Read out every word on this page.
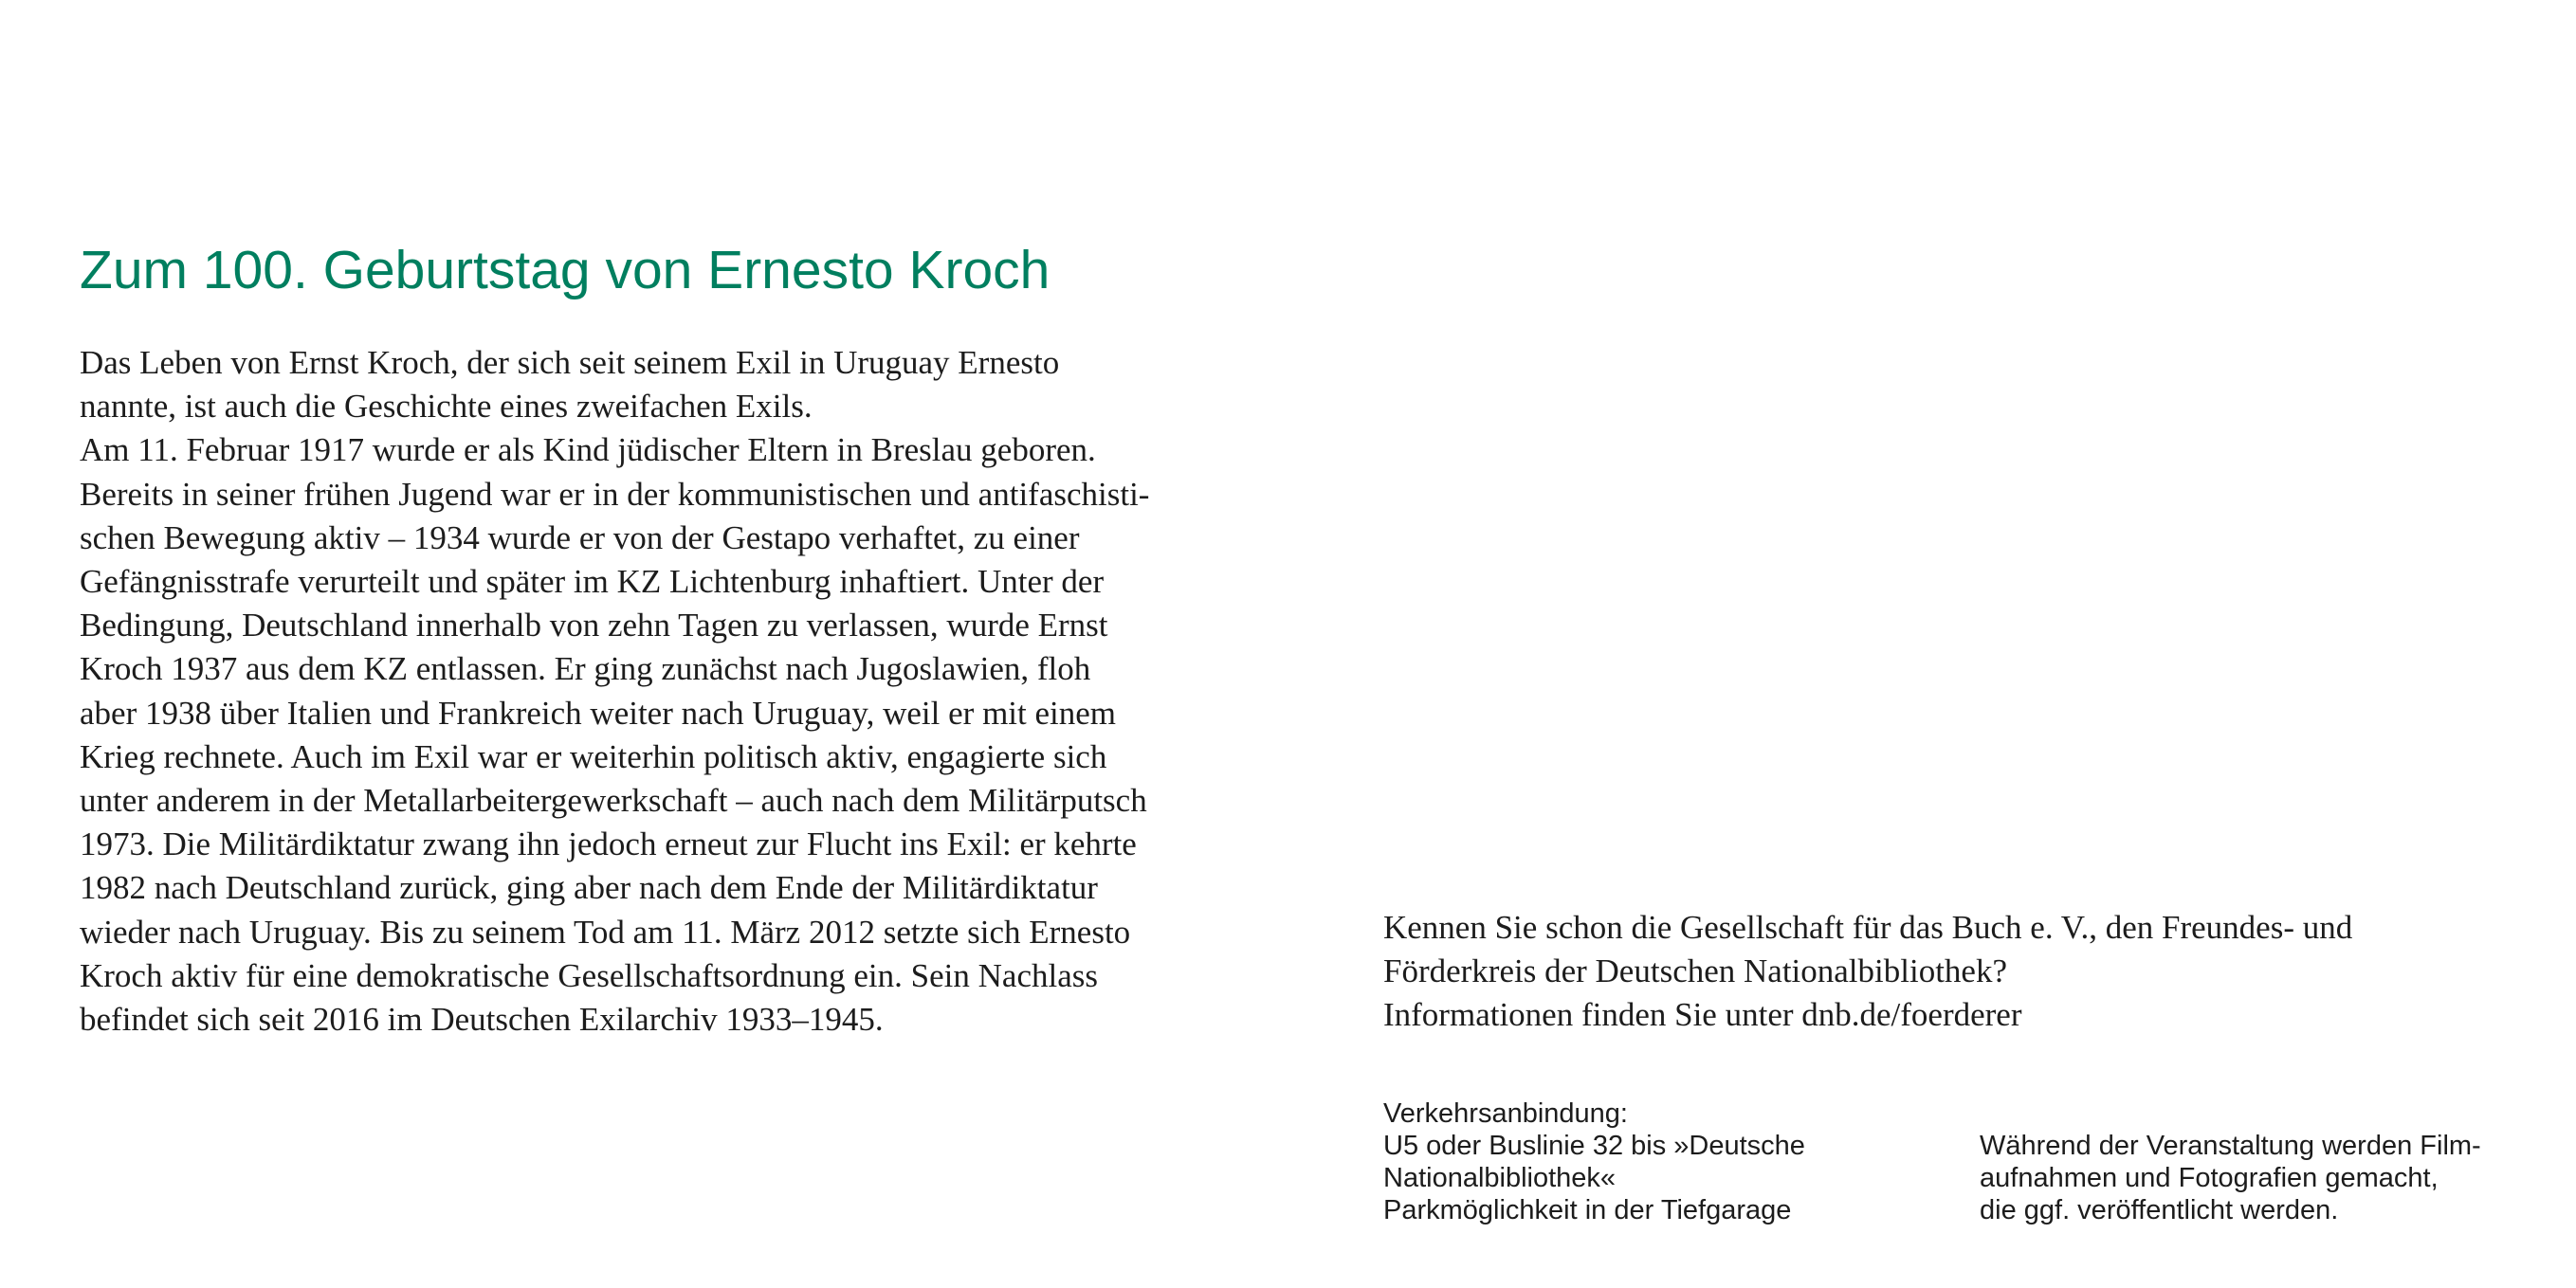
Zum 100. Geburtstag von Ernesto Kroch
Das Leben von Ernst Kroch, der sich seit seinem Exil in Uruguay Ernesto
nannte, ist auch die Geschichte eines zweifachen Exils.
Am 11. Februar 1917 wurde er als Kind jüdischer Eltern in Breslau geboren.
Bereits in seiner frühen Jugend war er in der kommunistischen und antifaschisti-
schen Bewegung aktiv – 1934 wurde er von der Gestapo verhaftet, zu einer
Gefängnisstrafe verurteilt und später im KZ Lichtenburg inhaftiert. Unter der
Bedingung, Deutschland innerhalb von zehn Tagen zu verlassen, wurde Ernst
Kroch 1937 aus dem KZ entlassen. Er ging zunächst nach Jugoslawien, floh
aber 1938 über Italien und Frankreich weiter nach Uruguay, weil er mit einem
Krieg rechnete. Auch im Exil war er weiterhin politisch aktiv, engagierte sich
unter anderem in der Metallarbeitergewerkschaft – auch nach dem Militärputsch
1973. Die Militärdiktatur zwang ihn jedoch erneut zur Flucht ins Exil: er kehrte
1982 nach Deutschland zurück, ging aber nach dem Ende der Militärdiktatur
wieder nach Uruguay. Bis zu seinem Tod am 11. März 2012 setzte sich Ernesto
Kroch aktiv für eine demokratische Gesellschaftsordnung ein. Sein Nachlass
befindet sich seit 2016 im Deutschen Exilarchiv 1933–1945.
Kennen Sie schon die Gesellschaft für das Buch e. V., den Freundes- und
Förderkreis der Deutschen Nationalbibliothek?
Informationen finden Sie unter dnb.de/foerderer
Verkehrsanbindung:
U5 oder Buslinie 32 bis »Deutsche
Nationalbibliothek«
Parkmöglichkeit in der Tiefgarage
Während der Veranstaltung werden Film-
aufnahmen und Fotografien gemacht,
die ggf. veröffentlicht werden.
